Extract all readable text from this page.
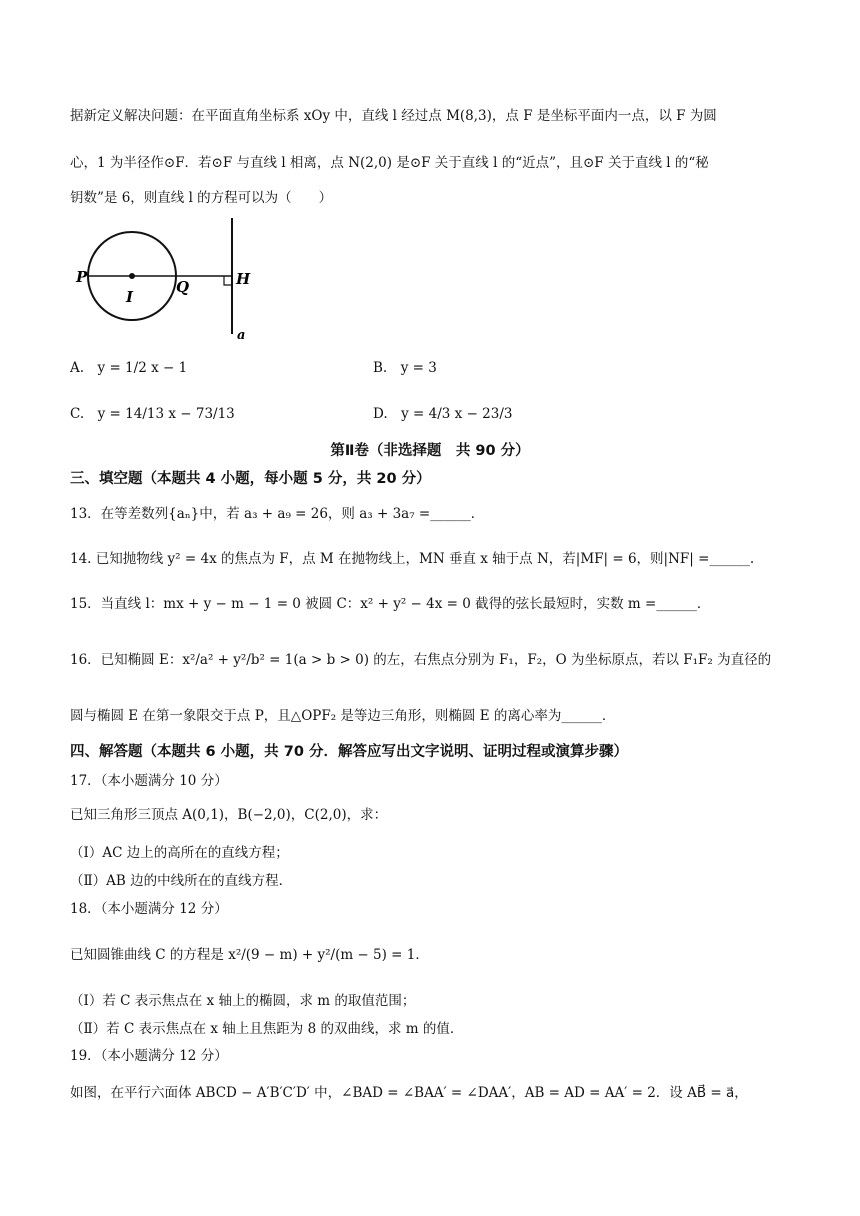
据新定义解决问题：在平面直角坐标系 xOy 中，直线 l 经过点 M(8,3)，点 F 是坐标平面内一点，以 F 为圆
心，1 为半径作⊙F．若⊙F 与直线 l 相离，点 N(2,0) 是⊙F 关于直线 l 的“近点”，且⊙F 关于直线 l 的“秘
钥数”是 6，则直线 l 的方程可以为（　　）
P
I
Q	H
a
A.　y = 1/2 x − 1	B.　y = 3
C.　y = 14/13 x − 73/13	D.　y = 4/3 x − 23/3
第Ⅱ卷（非选择题　共 90 分）
三、填空题（本题共 4 小题，每小题 5 分，共 20 分）
13．在等差数列{aₙ}中，若 a₃ + a₉ = 26，则 a₃ + 3a₇ =______．
14. 已知抛物线 y² = 4x 的焦点为 F，点 M 在抛物线上，MN 垂直 x 轴于点 N，若|MF| = 6，则|NF| =______.
15．当直线 l：mx + y − m − 1 = 0 被圆 C：x² + y² − 4x = 0 截得的弦长最短时，实数 m =______．
16．已知椭圆 E：x²/a² + y²/b² = 1(a > b > 0) 的左，右焦点分别为 F₁，F₂，O 为坐标原点，若以 F₁F₂ 为直径的
圆与椭圆 E 在第一象限交于点 P，且△OPF₂ 是等边三角形，则椭圆 E 的离心率为______．
四、解答题（本题共 6 小题，共 70 分．解答应写出文字说明、证明过程或演算步骤）
17．（本小题满分 10 分）
已知三角形三顶点 A(0,1)，B(−2,0)，C(2,0)，求：
（Ⅰ）AC 边上的高所在的直线方程；
（Ⅱ）AB 边的中线所在的直线方程．
18．（本小题满分 12 分）
已知圆锥曲线 C 的方程是 x²/(9 − m) + y²/(m − 5) = 1．
（Ⅰ）若 C 表示焦点在 x 轴上的椭圆，求 m 的取值范围；
（Ⅱ）若 C 表示焦点在 x 轴上且焦距为 8 的双曲线，求 m 的值．
19．（本小题满分 12 分）
如图，在平行六面体 ABCD − A′B′C′D′ 中，∠BAD = ∠BAA′ = ∠DAA′，AB = AD = AA′ = 2．设 AB⃗ = a⃗，
